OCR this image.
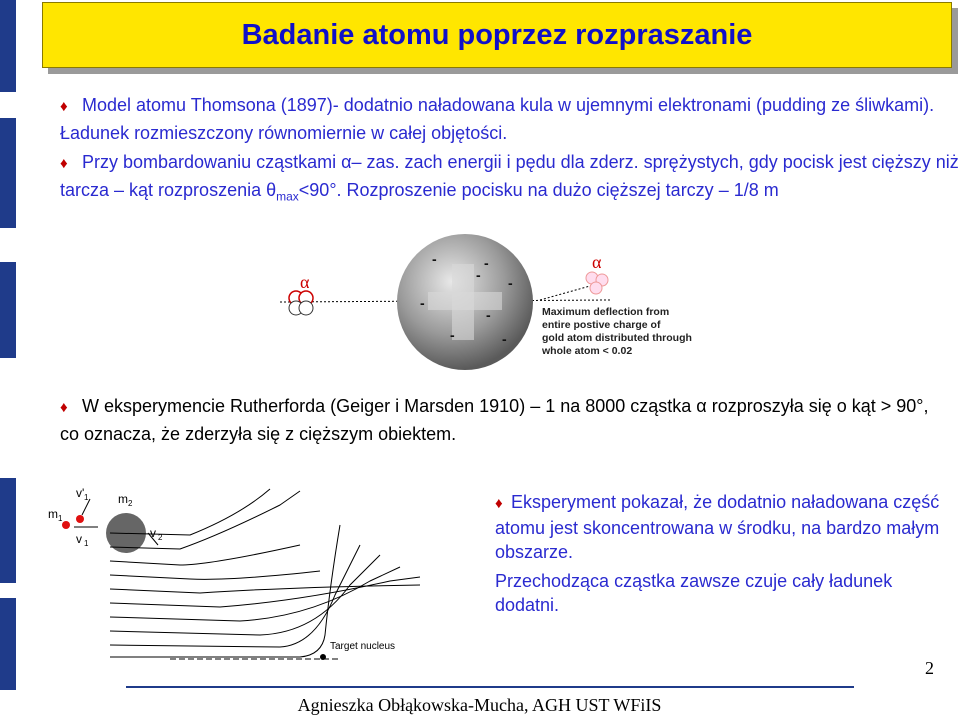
Badanie atomu poprzez rozpraszanie
♦ Model atomu Thomsona (1897)- dodatnio naładowana kula w ujemnymi elektronami (pudding ze śliwkami). Ładunek rozmieszczony równomiernie w całej objętości.
♦ Przy bombardowaniu cząstkami α– zas. zach energii i pędu dla zderz. sprężystych, gdy pocisk jest cięższy niż tarcza – kąt rozproszenia $\theta_{max}<90^\circ$. Rozproszenie pocisku na dużo cięższej tarczy – 1/8 m
-	-
-
-
-
-	-
-
α
α
Maximum deflection from
entire postive charge of
gold atom distributed through
whole atom < 0.02
♦ W eksperymencie Rutherforda (Geiger i Marsden 1910) – 1 na 8000 cząstka α rozproszyła się o kąt > 90°, co oznacza, że zderzyła się z cięższym obiektem.
v' 1
m 1
v 1
m 2
v 2
Target nucleus
♦ Eksperyment pokazał, że dodatnio naładowana część atomu jest skoncentrowana w środku, na bardzo małym obszarze.
Przechodząca cząstka zawsze czuje cały ładunek dodatni.
2
Agnieszka Obłąkowska-Mucha, AGH UST WFiIS
